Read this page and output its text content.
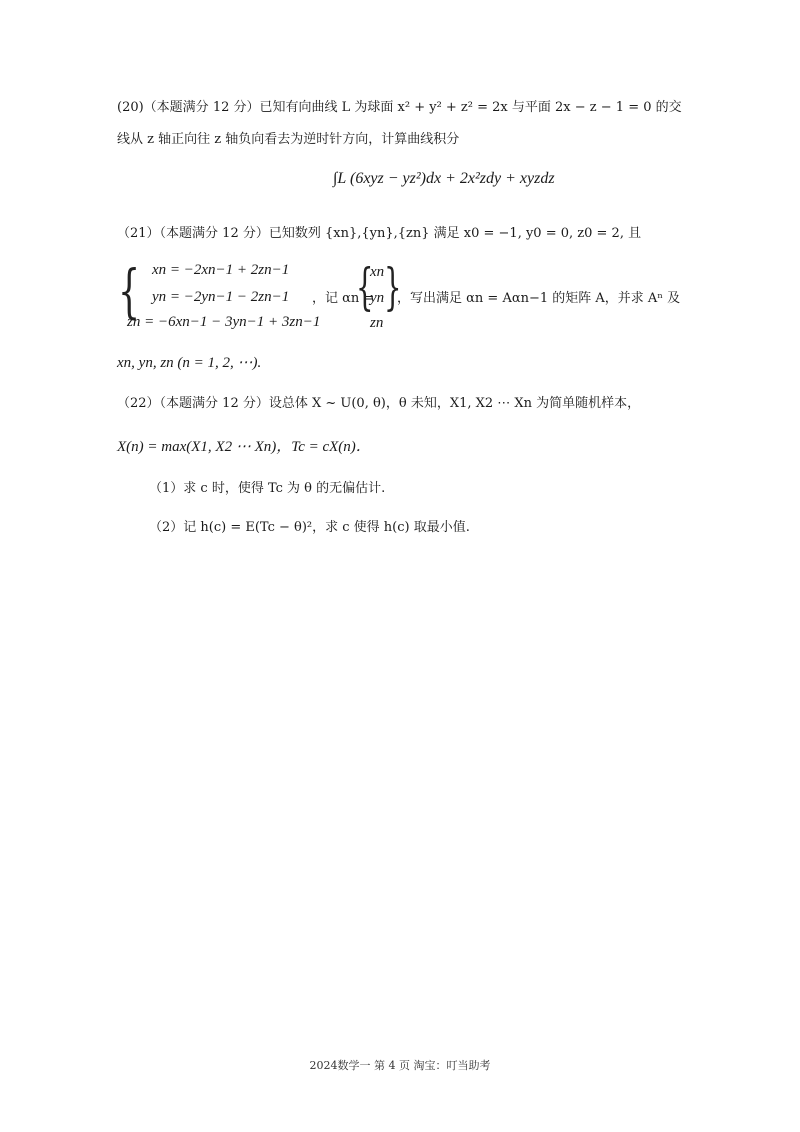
(20)（本题满分 12 分）已知有向曲线 L 为球面 x² + y² + z² = 2x 与平面 2x − z − 1 = 0 的交
线从 z 轴正向往 z 轴负向看去为逆时针方向，计算曲线积分
∫L (6xyz − yz²)dx + 2x²zdy + xyzdz
（21）（本题满分 12 分）已知数列 {xn},{yn},{zn} 满足 x0 = −1, y0 = 0, z0 = 2, 且
{ xn = −2xn−1 + 2zn−1
yn = −2yn−1 − 2zn−1
zn = −6xn−1 − 3yn−1 + 3zn−1
，记 αn =
{
xn
yn
zn
}
，写出满足 αn = Aαn−1 的矩阵 A，并求 Aⁿ 及
xn, yn, zn (n = 1, 2, ⋯).
（22）（本题满分 12 分）设总体 X ~ U(0, θ)，θ 未知，X1, X2 ⋯ Xn 为简单随机样本，
X(n) = max(X1, X2 ⋯ Xn)，Tc = cX(n)．
（1）求 c 时，使得 Tc 为 θ 的无偏估计.
（2）记 h(c) = E(Tc − θ)²，求 c 使得 h(c) 取最小值.
2024数学一 第 4 页 淘宝：叮当助考
